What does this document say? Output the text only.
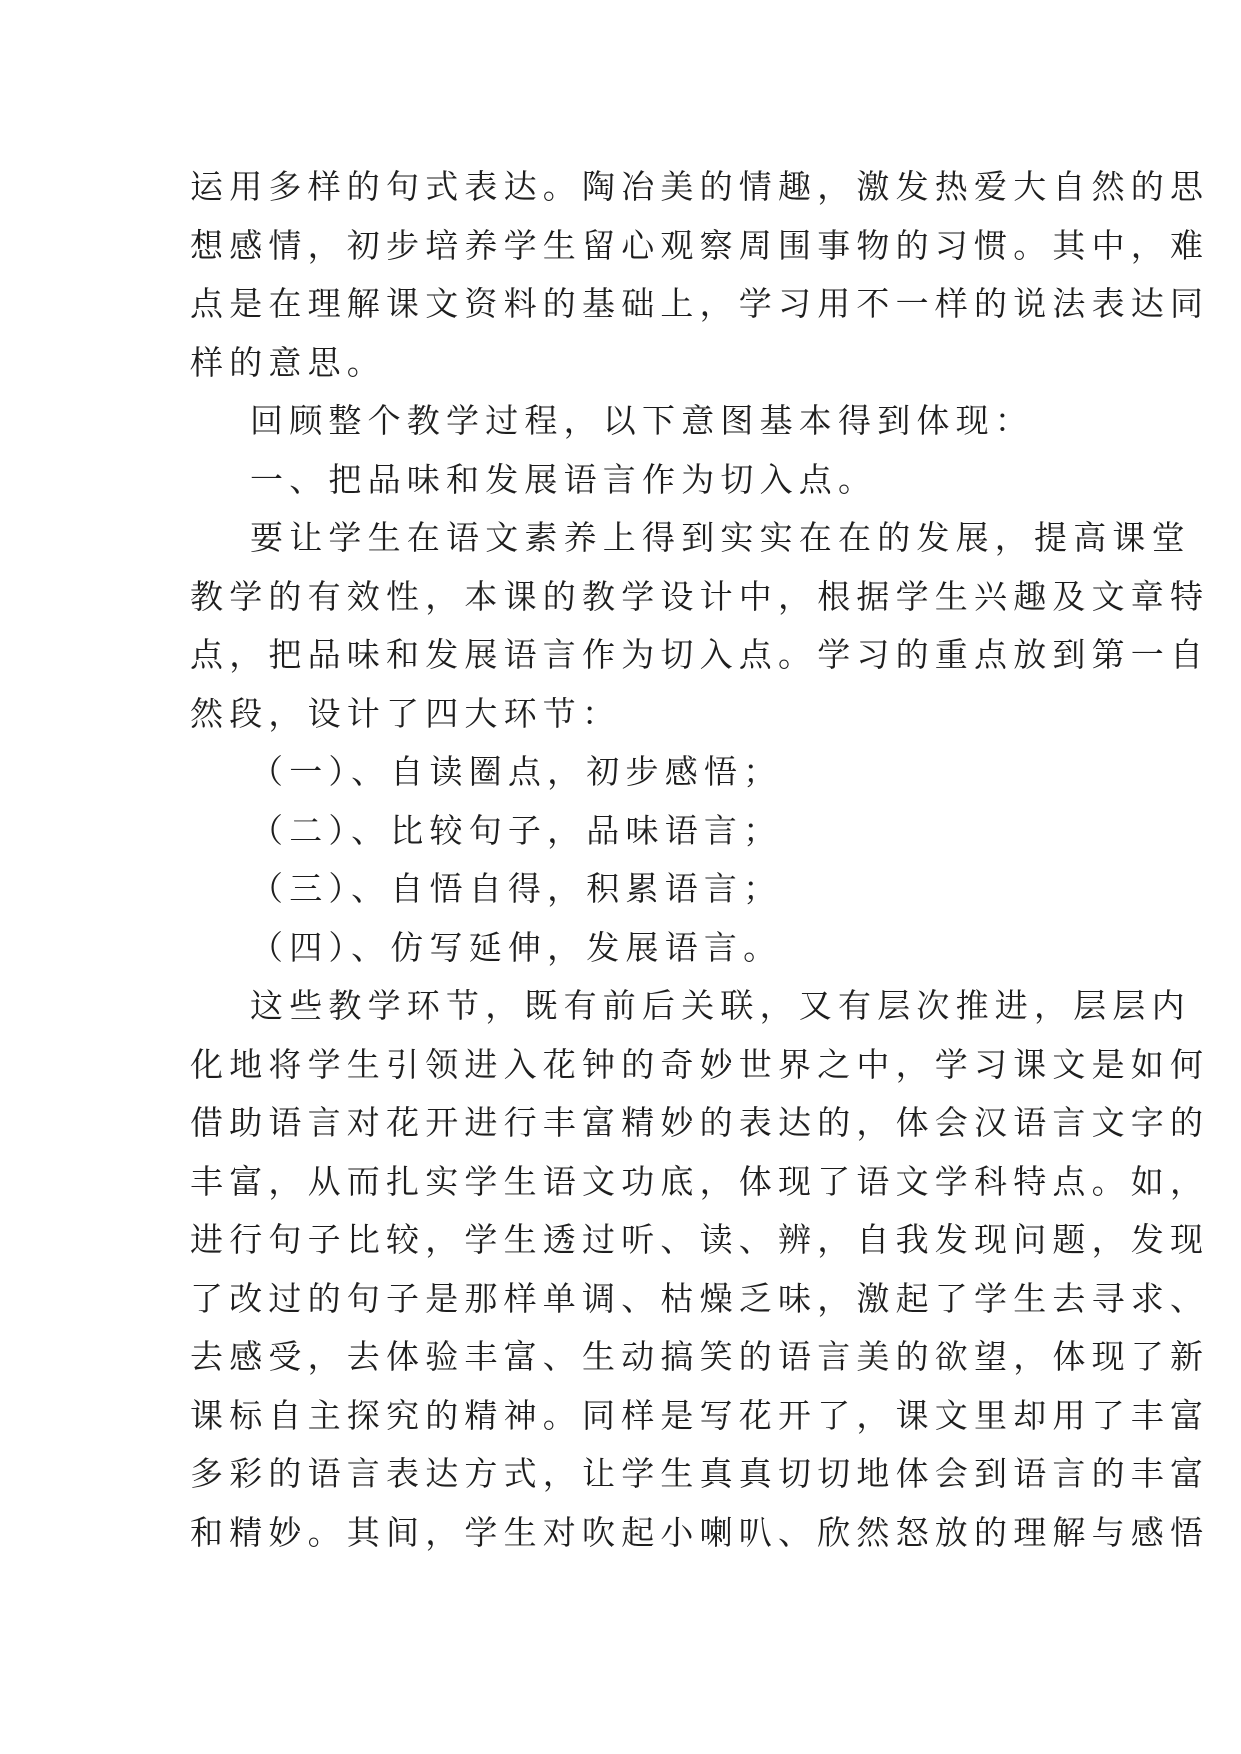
运用多样的句式表达。陶冶美的情趣，激发热爱大自然的思
想感情，初步培养学生留心观察周围事物的习惯。其中，难
点是在理解课文资料的基础上，学习用不一样的说法表达同
样的意思。
回顾整个教学过程，以下意图基本得到体现：
一、把品味和发展语言作为切入点。
要让学生在语文素养上得到实实在在的发展，提高课堂
教学的有效性，本课的教学设计中，根据学生兴趣及文章特
点，把品味和发展语言作为切入点。学习的重点放到第一自
然段，设计了四大环节：
（一）、自读圈点，初步感悟；
（二）、比较句子，品味语言；
（三）、自悟自得，积累语言；
（四）、仿写延伸，发展语言。
这些教学环节，既有前后关联，又有层次推进，层层内
化地将学生引领进入花钟的奇妙世界之中，学习课文是如何
借助语言对花开进行丰富精妙的表达的，体会汉语言文字的
丰富，从而扎实学生语文功底，体现了语文学科特点。如，
进行句子比较，学生透过听、读、辨，自我发现问题，发现
了改过的句子是那样单调、枯燥乏味，激起了学生去寻求、
去感受，去体验丰富、生动搞笑的语言美的欲望，体现了新
课标自主探究的精神。同样是写花开了，课文里却用了丰富
多彩的语言表达方式，让学生真真切切地体会到语言的丰富
和精妙。其间，学生对吹起小喇叭、欣然怒放的理解与感悟
